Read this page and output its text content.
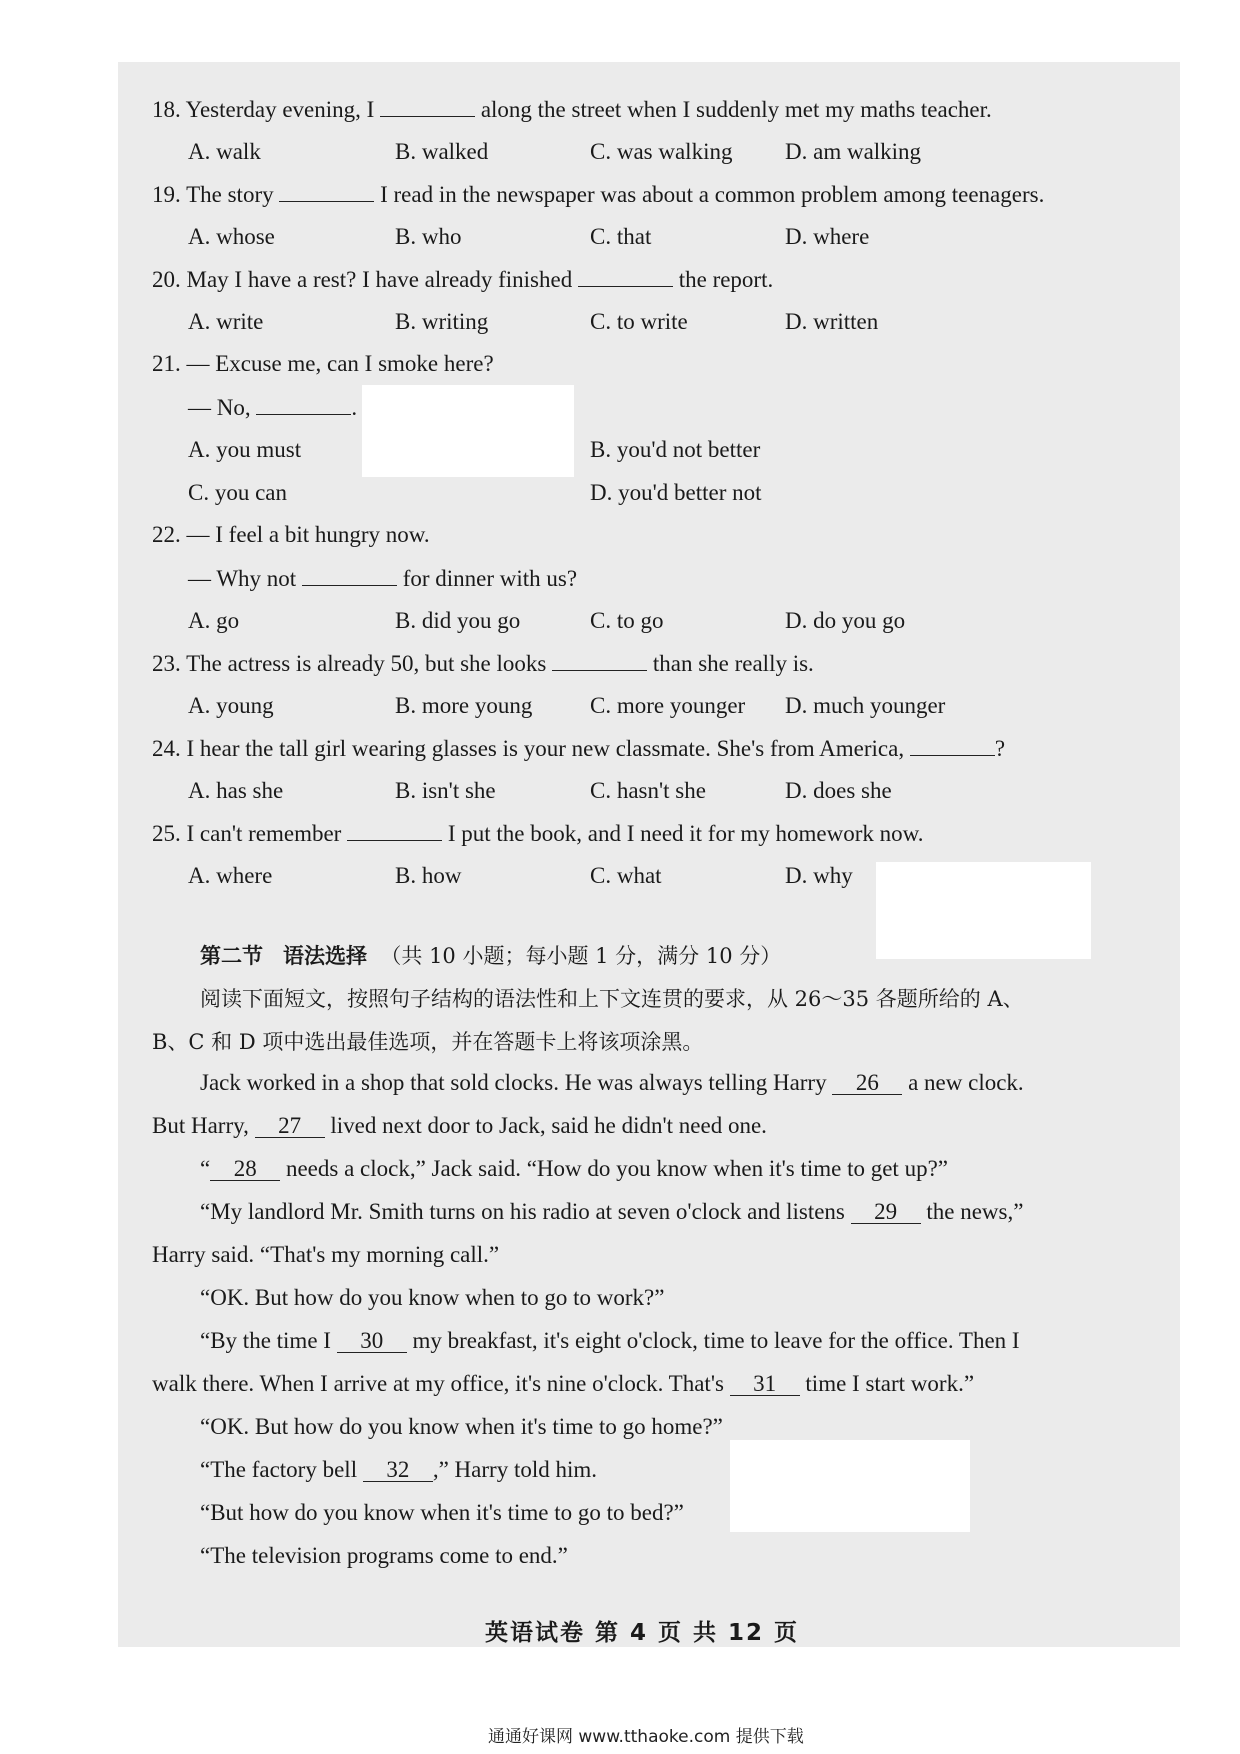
18. Yesterday evening, I	along the street when I suddenly met my maths teacher.
A. walk	B. walked	C. was walking D. am walking
19. The story	I read in the newspaper was about a common problem among teenagers.
A. whose	B. who	C. that	D. where
20. May I have a rest? I have already finished	the report.
A. write	B. writing	C. to write	D. written
21. — Excuse me, can I smoke here?
— No,	.
A. you must	B. you'd not better
C. you can	D. you'd better not
22. — I feel a bit hungry now.
— Why not	for dinner with us?
A. go	B. did you go	C. to go	D. do you go
23. The actress is already 50, but she looks	than she really is.
A. young	B. more young	C. more younger D. much younger
24. I hear the tall girl wearing glasses is your new classmate. She's from America,	?
A. has she	B. isn't she	C. hasn't she	D. does she
25. I can't remember	I put the book, and I need it for my homework now.
A. where	B. how	C. what	D. why
第二节 语法选择 （共 10 小题；每小题 1 分，满分 10 分）
阅读下面短文，按照句子结构的语法性和上下文连贯的要求，从 26～35 各题所给的 A、
B、C 和 D 项中选出最佳选项，并在答题卡上将该项涂黑。
Jack worked in a shop that sold clocks. He was always telling Harry 26 a new clock.
But Harry, 27 lived next door to Jack, said he didn't need one.
“ 28 needs a clock,” Jack said. “How do you know when it's time to get up?”
“My landlord Mr. Smith turns on his radio at seven o'clock and listens 29 the news,”
Harry said. “That's my morning call.”
“OK. But how do you know when to go to work?”
“By the time I 30 my breakfast, it's eight o'clock, time to leave for the office. Then I
walk there. When I arrive at my office, it's nine o'clock. That's 31 time I start work.”
“OK. But how do you know when it's time to go home?”
“The factory bell 32 ,” Harry told him.
“But how do you know when it's time to go to bed?”
“The television programs come to end.”
英语试卷 第 4 页 共 12 页
通通好课网 www.tthaoke.com 提供下载
